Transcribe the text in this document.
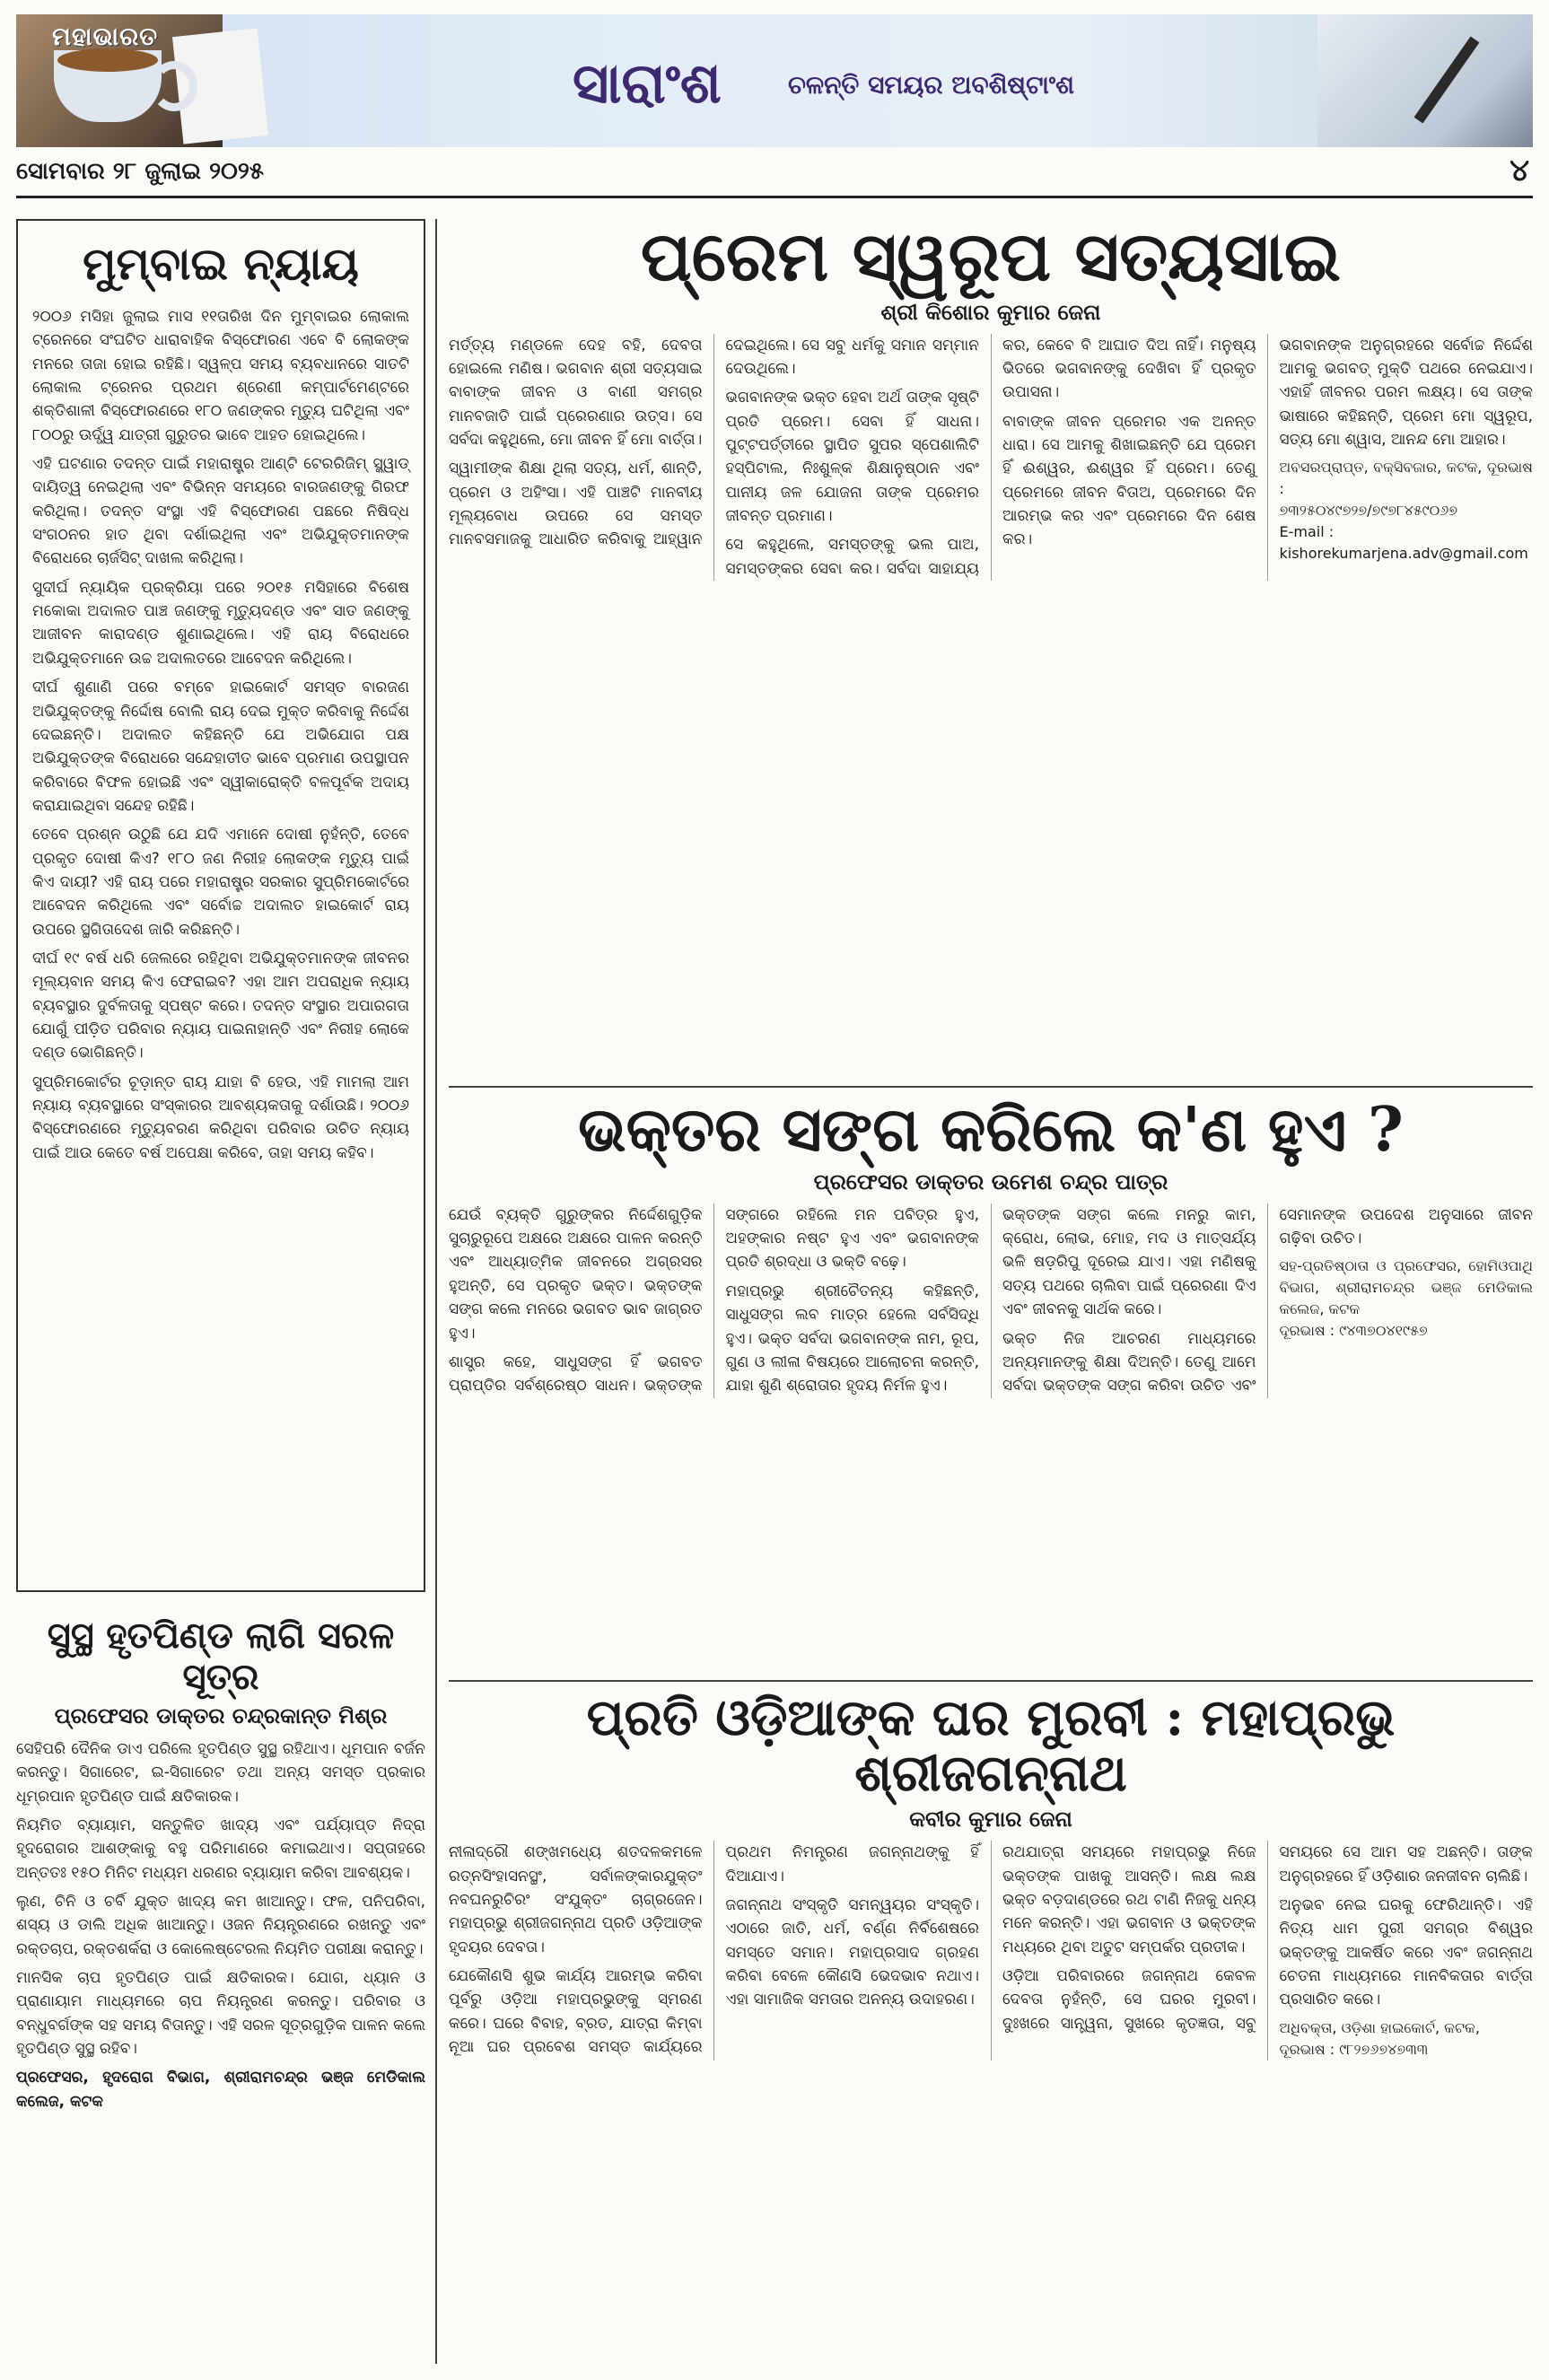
ମହାଭାରତ
ସାରାଂଶ	ଚଳନ୍ତି ସମୟର ଅବଶିଷ୍ଟାଂଶ
ସୋମବାର ୨୮ ଜୁଲାଇ ୨୦୨୫	୪
ମୁମ୍ବାଇ ନ୍ୟାୟ

୨୦୦୬ ମସିହା ଜୁଲାଇ ମାସ ୧୧ତାରିଖ ଦିନ ମୁମ୍ବାଇର ଲୋକାଲ ଟ୍ରେନରେ ସଂଘଟିତ ଧାରାବାହିକ ବିସ୍ଫୋରଣ ଏବେ ବି ଲୋକଙ୍କ ମନରେ ତାଜା ହୋଇ ରହିଛି। ସ୍ୱଳ୍ପ ସମୟ ବ୍ୟବଧାନରେ ସାତଟି ଲୋକାଲ ଟ୍ରେନର ପ୍ରଥମ ଶ୍ରେଣୀ କମ୍ପାର୍ଟମେଣ୍ଟରେ ଶକ୍ତିଶାଳୀ ବିସ୍ଫୋରଣରେ ୧୮୦ ଜଣଙ୍କର ମୃତ୍ୟୁ ଘଟିଥିଲା ଏବଂ ୮୦୦ରୁ ଊର୍ଦ୍ଧ୍ୱ ଯାତ୍ରୀ ଗୁରୁତର ଭାବେ ଆହତ ହୋଇଥିଲେ।

ଏହି ଘଟଣାର ତଦନ୍ତ ପାଇଁ ମହାରାଷ୍ଟ୍ର ଆଣ୍ଟି ଟେରରିଜିମ୍ ସ୍କ୍ୱାଡ୍ ଦାୟିତ୍ୱ ନେଇଥିଲା ଏବଂ ବିଭିନ୍ନ ସମୟରେ ବାରଜଣଙ୍କୁ ଗିରଫ କରିଥିଲା। ତଦନ୍ତ ସଂସ୍ଥା ଏହି ବିସ୍ଫୋରଣ ପଛରେ ନିଷିଦ୍ଧ ସଂଗଠନର ହାତ ଥିବା ଦର୍ଶାଇଥିଲା ଏବଂ ଅଭିଯୁକ୍ତମାନଙ୍କ ବିରୋଧରେ ଚାର୍ଜସିଟ୍ ଦାଖଲ କରିଥିଲା।

ସୁଦୀର୍ଘ ନ୍ୟାୟିକ ପ୍ରକ୍ରିୟା ପରେ ୨୦୧୫ ମସିହାରେ ବିଶେଷ ମକୋକା ଅଦାଲତ ପାଞ୍ଚ ଜଣଙ୍କୁ ମୃତ୍ୟୁଦଣ୍ଡ ଏବଂ ସାତ ଜଣଙ୍କୁ ଆଜୀବନ କାରାଦଣ୍ଡ ଶୁଣାଇଥିଲେ। ଏହି ରାୟ ବିରୋଧରେ ଅଭିଯୁକ୍ତମାନେ ଉଚ୍ଚ ଅଦାଲତରେ ଆବେଦନ କରିଥିଲେ।

ଦୀର୍ଘ ଶୁଣାଣି ପରେ ବମ୍ବେ ହାଇକୋର୍ଟ ସମସ୍ତ ବାରଜଣ ଅଭିଯୁକ୍ତଙ୍କୁ ନିର୍ଦ୍ଦୋଷ ବୋଲି ରାୟ ଦେଇ ମୁକ୍ତ କରିବାକୁ ନିର୍ଦ୍ଦେଶ ଦେଇଛନ୍ତି। ଅଦାଲତ କହିଛନ୍ତି ଯେ ଅଭିଯୋଗ ପକ୍ଷ ଅଭିଯୁକ୍ତଙ୍କ ବିରୋଧରେ ସନ୍ଦେହାତୀତ ଭାବେ ପ୍ରମାଣ ଉପସ୍ଥାପନ କରିବାରେ ବିଫଳ ହୋଇଛି ଏବଂ ସ୍ୱୀକାରୋକ୍ତି ବଳପୂର୍ବକ ଅଦାୟ କରାଯାଇଥିବା ସନ୍ଦେହ ରହିଛି।

ତେବେ ପ୍ରଶ୍ନ ଉଠୁଛି ଯେ ଯଦି ଏମାନେ ଦୋଷୀ ନୁହଁନ୍ତି, ତେବେ ପ୍ରକୃତ ଦୋଷୀ କିଏ? ୧୮୦ ଜଣ ନିରୀହ ଲୋକଙ୍କ ମୃତ୍ୟୁ ପାଇଁ କିଏ ଦାୟୀ? ଏହି ରାୟ ପରେ ମହାରାଷ୍ଟ୍ର ସରକାର ସୁପ୍ରିମକୋର୍ଟରେ ଆବେଦନ କରିଥିଲେ ଏବଂ ସର୍ବୋଚ୍ଚ ଅଦାଲତ ହାଇକୋର୍ଟ ରାୟ ଉପରେ ସ୍ଥଗିତାଦେଶ ଜାରି କରିଛନ୍ତି।

ଦୀର୍ଘ ୧୯ ବର୍ଷ ଧରି ଜେଲରେ ରହିଥିବା ଅଭିଯୁକ୍ତମାନଙ୍କ ଜୀବନର ମୂଲ୍ୟବାନ ସମୟ କିଏ ଫେରାଇବ? ଏହା ଆମ ଅପରାଧିକ ନ୍ୟାୟ ବ୍ୟବସ୍ଥାର ଦୁର୍ବଳତାକୁ ସ୍ପଷ୍ଟ କରେ। ତଦନ୍ତ ସଂସ୍ଥାର ଅପାରଗତା ଯୋଗୁଁ ପୀଡ଼ିତ ପରିବାର ନ୍ୟାୟ ପାଇନାହାନ୍ତି ଏବଂ ନିରୀହ ଲୋକେ ଦଣ୍ଡ ଭୋଗିଛନ୍ତି।

ସୁପ୍ରିମକୋର୍ଟର ଚୂଡ଼ାନ୍ତ ରାୟ ଯାହା ବି ହେଉ, ଏହି ମାମଲା ଆମ ନ୍ୟାୟ ବ୍ୟବସ୍ଥାରେ ସଂସ୍କାରର ଆବଶ୍ୟକତାକୁ ଦର୍ଶାଉଛି। ୨୦୦୬ ବିସ୍ଫୋରଣରେ ମୃତ୍ୟୁବରଣ କରିଥିବା ପରିବାର ଉଚିତ ନ୍ୟାୟ ପାଇଁ ଆଉ କେତେ ବର୍ଷ ଅପେକ୍ଷା କରିବେ, ତାହା ସମୟ କହିବ।

ସୁସ୍ଥ ହୃତପିଣ୍ଡ ଲାଗି ସରଳ ସୂତ୍ର
ପ୍ରଫେସର ଡାକ୍ତର ଚନ୍ଦ୍ରକାନ୍ତ ମିଶ୍ର

ସେହିପରି ଦୈନିକ ଡାଏ ପରିଲେ ହୃତପିଣ୍ଡ ସୁସ୍ଥ ରହିଥାଏ। ଧୂମପାନ ବର୍ଜନ କରନ୍ତୁ। ସିଗାରେଟ, ଇ-ସିଗାରେଟ ତଥା ଅନ୍ୟ ସମସ୍ତ ପ୍ରକାର ଧୂମ୍ରପାନ ହୃତପିଣ୍ଡ ପାଇଁ କ୍ଷତିକାରକ।

ନିୟମିତ ବ୍ୟାୟାମ, ସନ୍ତୁଳିତ ଖାଦ୍ୟ ଏବଂ ପର୍ଯ୍ୟାପ୍ତ ନିଦ୍ରା ହୃଦରୋଗର ଆଶଙ୍କାକୁ ବହୁ ପରିମାଣରେ କମାଇଥାଏ। ସପ୍ତାହରେ ଅନ୍ତତଃ ୧୫୦ ମିନିଟ ମଧ୍ୟମ ଧରଣର ବ୍ୟାୟାମ କରିବା ଆବଶ୍ୟକ।

ଲୁଣ, ଚିନି ଓ ଚର୍ବି ଯୁକ୍ତ ଖାଦ୍ୟ କମ ଖାଆନ୍ତୁ। ଫଳ, ପନିପରିବା, ଶସ୍ୟ ଓ ଡାଲି ଅଧିକ ଖାଆନ୍ତୁ। ଓଜନ ନିୟନ୍ତ୍ରଣରେ ରଖନ୍ତୁ ଏବଂ ରକ୍ତଚାପ, ରକ୍ତଶର୍କରା ଓ କୋଲେଷ୍ଟେରଲ ନିୟମିତ ପରୀକ୍ଷା କରାନ୍ତୁ।

ମାନସିକ ଚାପ ହୃତପିଣ୍ଡ ପାଇଁ କ୍ଷତିକାରକ। ଯୋଗ, ଧ୍ୟାନ ଓ ପ୍ରାଣାୟାମ ମାଧ୍ୟମରେ ଚାପ ନିୟନ୍ତ୍ରଣ କରନ୍ତୁ। ପରିବାର ଓ ବନ୍ଧୁବର୍ଗଙ୍କ ସହ ସମୟ ବିତାନ୍ତୁ। ଏହି ସରଳ ସୂତ୍ରଗୁଡ଼ିକ ପାଳନ କଲେ ହୃତପିଣ୍ଡ ସୁସ୍ଥ ରହିବ।

ପ୍ରଫେସର, ହୃଦରୋଗ ବିଭାଗ, ଶ୍ରୀରାମଚନ୍ଦ୍ର ଭଞ୍ଜ ମେଡିକାଲ କଲେଜ, କଟକ

ପ୍ରେମ ସ୍ୱରୂପ ସତ୍ୟସାଇ
ଶ୍ରୀ କିଶୋର କୁମାର ଜେନା

ମର୍ତ୍ତ୍ୟ ମଣ୍ଡଳେ ଦେହ ବହି, ଦେବତା ହୋଇଲେ ମଣିଷ। ଭଗବାନ ଶ୍ରୀ ସତ୍ୟସାଇ ବାବାଙ୍କ ଜୀବନ ଓ ବାଣୀ ସମଗ୍ର ମାନବଜାତି ପାଇଁ ପ୍ରେରଣାର ଉତ୍ସ। ସେ ସର୍ବଦା କହୁଥିଲେ, ମୋ ଜୀବନ ହିଁ ମୋ ବାର୍ତ୍ତା।

ସ୍ୱାମୀଙ୍କ ଶିକ୍ଷା ଥିଲା ସତ୍ୟ, ଧର୍ମ, ଶାନ୍ତି, ପ୍ରେମ ଓ ଅହିଂସା। ଏହି ପାଞ୍ଚଟି ମାନବୀୟ ମୂଲ୍ୟବୋଧ ଉପରେ ସେ ସମସ୍ତ ମାନବସମାଜକୁ ଆଧାରିତ କରିବାକୁ ଆହ୍ୱାନ ଦେଇଥିଲେ। ସେ ସବୁ ଧର୍ମକୁ ସମାନ ସମ୍ମାନ ଦେଉଥିଲେ।

ଭଗବାନଙ୍କ ଭକ୍ତ ହେବା ଅର୍ଥ ତାଙ୍କ ସୃଷ୍ଟି ପ୍ରତି ପ୍ରେମ। ସେବା ହିଁ ସାଧନା। ପୁଟ୍ଟପର୍ତ୍ତୀରେ ସ୍ଥାପିତ ସୁପର ସ୍ପେଶାଲିଟି ହସ୍ପିଟାଲ, ନିଃଶୁଳ୍କ ଶିକ୍ଷାନୁଷ୍ଠାନ ଏବଂ ପାନୀୟ ଜଳ ଯୋଜନା ତାଙ୍କ ପ୍ରେମର ଜୀବନ୍ତ ପ୍ରମାଣ।

ସେ କହୁଥିଲେ, ସମସ୍ତଙ୍କୁ ଭଲ ପାଅ, ସମସ୍ତଙ୍କର ସେବା କର। ସର୍ବଦା ସାହାଯ୍ୟ କର, କେବେ ବି ଆଘାତ ଦିଅ ନାହିଁ। ମନୁଷ୍ୟ ଭିତରେ ଭଗବାନଙ୍କୁ ଦେଖିବା ହିଁ ପ୍ରକୃତ ଉପାସନା।

ବାବାଙ୍କ ଜୀବନ ପ୍ରେମର ଏକ ଅନନ୍ତ ଧାରା। ସେ ଆମକୁ ଶିଖାଇଛନ୍ତି ଯେ ପ୍ରେମ ହିଁ ଈଶ୍ୱର, ଈଶ୍ୱର ହିଁ ପ୍ରେମ। ତେଣୁ ପ୍ରେମରେ ଜୀବନ ବିତାଅ, ପ୍ରେମରେ ଦିନ ଆରମ୍ଭ କର ଏବଂ ପ୍ରେମରେ ଦିନ ଶେଷ କର।

ଭଗବାନଙ୍କ ଅନୁଗ୍ରହରେ ସର୍ବୋଚ୍ଚ ନିର୍ଦ୍ଦେଶ ଆମକୁ ଭଗବତ୍ ମୁକ୍ତି ପଥରେ ନେଇଯାଏ। ଏହାହିଁ ଜୀବନର ପରମ ଲକ୍ଷ୍ୟ। ସେ ତାଙ୍କ ଭାଷାରେ କହିଛନ୍ତି, ପ୍ରେମ ମୋ ସ୍ୱରୂପ, ସତ୍ୟ ମୋ ଶ୍ୱାସ, ଆନନ୍ଦ ମୋ ଆହାର।

ଅବସରପ୍ରାପ୍ତ, ବକ୍ସିବଜାର, କଟକ, ଦୂରଭାଷ :
୭୩୨୫୦୪୯୭୨୭/୭୯୭୮୪୫୯୦୬୭
E-mail :
kishorekumarjena.adv@gmail.com
ଭକ୍ତର ସଙ୍ଗ କରିଲେ କ'ଣ ହୁଏ ?
ପ୍ରଫେସର ଡାକ୍ତର ଉମେଶ ଚନ୍ଦ୍ର ପାତ୍ର

ଯେଉଁ ବ୍ୟକ୍ତି ଗୁରୁଙ୍କର ନିର୍ଦ୍ଦେଶଗୁଡ଼ିକ ସୁଚାରୁରୂପେ ଅକ୍ଷରେ ଅକ୍ଷରେ ପାଳନ କରନ୍ତି ଏବଂ ଆଧ୍ୟାତ୍ମିକ ଜୀବନରେ ଅଗ୍ରସର ହୁଅନ୍ତି, ସେ ପ୍ରକୃତ ଭକ୍ତ। ଭକ୍ତଙ୍କ ସଙ୍ଗ କଲେ ମନରେ ଭଗବତ ଭାବ ଜାଗ୍ରତ ହୁଏ।

ଶାସ୍ତ୍ର କହେ, ସାଧୁସଙ୍ଗ ହିଁ ଭଗବତ ପ୍ରାପ୍ତିର ସର୍ବଶ୍ରେଷ୍ଠ ସାଧନ। ଭକ୍ତଙ୍କ ସଙ୍ଗରେ ରହିଲେ ମନ ପବିତ୍ର ହୁଏ, ଅହଙ୍କାର ନଷ୍ଟ ହୁଏ ଏବଂ ଭଗବାନଙ୍କ ପ୍ରତି ଶ୍ରଦ୍ଧା ଓ ଭକ୍ତି ବଢ଼େ।

ମହାପ୍ରଭୁ ଶ୍ରୀଚୈତନ୍ୟ କହିଛନ୍ତି, ସାଧୁସଙ୍ଗ ଲବ ମାତ୍ର ହେଲେ ସର୍ବସିଦ୍ଧି ହୁଏ। ଭକ୍ତ ସର୍ବଦା ଭଗବାନଙ୍କ ନାମ, ରୂପ, ଗୁଣ ଓ ଲୀଳା ବିଷୟରେ ଆଲୋଚନା କରନ୍ତି, ଯାହା ଶୁଣି ଶ୍ରୋତାର ହୃଦୟ ନିର୍ମଳ ହୁଏ।

ଭକ୍ତଙ୍କ ସଙ୍ଗ କଲେ ମନରୁ କାମ, କ୍ରୋଧ, ଲୋଭ, ମୋହ, ମଦ ଓ ମାତ୍ସର୍ଯ୍ୟ ଭଳି ଷଡ଼ରିପୁ ଦୂରେଇ ଯାଏ। ଏହା ମଣିଷକୁ ସତ୍ୟ ପଥରେ ଚାଲିବା ପାଇଁ ପ୍ରେରଣା ଦିଏ ଏବଂ ଜୀବନକୁ ସାର୍ଥକ କରେ।

ଭକ୍ତ ନିଜ ଆଚରଣ ମାଧ୍ୟମରେ ଅନ୍ୟମାନଙ୍କୁ ଶିକ୍ଷା ଦିଅନ୍ତି। ତେଣୁ ଆମେ ସର୍ବଦା ଭକ୍ତଙ୍କ ସଙ୍ଗ କରିବା ଉଚିତ ଏବଂ ସେମାନଙ୍କ ଉପଦେଶ ଅନୁସାରେ ଜୀବନ ଗଢ଼ିବା ଉଚିତ।

ସହ-ପ୍ରତିଷ୍ଠାତା ଓ ପ୍ରଫେସର, ହୋମିଓପାଥି ବିଭାଗ, ଶ୍ରୀରାମଚନ୍ଦ୍ର ଭଞ୍ଜ ମେଡିକାଲ କଲେଜ, କଟକ
ଦୂରଭାଷ : ୯୪୩୭୦୪୧୯୫୭
ପ୍ରତି ଓଡ଼ିଆଙ୍କ ଘର ମୁରବୀ : ମହାପ୍ରଭୁ ଶ୍ରୀଜଗନ୍ନାଥ
କବୀର କୁମାର ଜେନା

ନୀଳାଦ୍ରୌ ଶଙ୍ଖମଧ୍ୟେ ଶତଦଳକମଳେ ରତ୍ନସିଂହାସନସ୍ଥଂ, ସର୍ବାଳଙ୍କାରଯୁକ୍ତଂ ନବଘନରୁଚିରଂ ସଂଯୁକ୍ତଂ ଚାଗ୍ରଜେନ। ମହାପ୍ରଭୁ ଶ୍ରୀଜଗନ୍ନାଥ ପ୍ରତି ଓଡ଼ିଆଙ୍କ ହୃଦୟର ଦେବତା।

ଯେକୌଣସି ଶୁଭ କାର୍ଯ୍ୟ ଆରମ୍ଭ କରିବା ପୂର୍ବରୁ ଓଡ଼ିଆ ମହାପ୍ରଭୁଙ୍କୁ ସ୍ମରଣ କରେ। ଘରେ ବିବାହ, ବ୍ରତ, ଯାତ୍ରା କିମ୍ବା ନୂଆ ଘର ପ୍ରବେଶ ସମସ୍ତ କାର୍ଯ୍ୟରେ ପ୍ରଥମ ନିମନ୍ତ୍ରଣ ଜଗନ୍ନାଥଙ୍କୁ ହିଁ ଦିଆଯାଏ।

ଜଗନ୍ନାଥ ସଂସ୍କୃତି ସମନ୍ୱୟର ସଂସ୍କୃତି। ଏଠାରେ ଜାତି, ଧର୍ମ, ବର୍ଣ୍ଣ ନିର୍ବିଶେଷରେ ସମସ୍ତେ ସମାନ। ମହାପ୍ରସାଦ ଗ୍ରହଣ କରିବା ବେଳେ କୌଣସି ଭେଦଭାବ ନଥାଏ। ଏହା ସାମାଜିକ ସମତାର ଅନନ୍ୟ ଉଦାହରଣ।

ରଥଯାତ୍ରା ସମୟରେ ମହାପ୍ରଭୁ ନିଜେ ଭକ୍ତଙ୍କ ପାଖକୁ ଆସନ୍ତି। ଲକ୍ଷ ଲକ୍ଷ ଭକ୍ତ ବଡ଼ଦାଣ୍ଡରେ ରଥ ଟାଣି ନିଜକୁ ଧନ୍ୟ ମନେ କରନ୍ତି। ଏହା ଭଗବାନ ଓ ଭକ୍ତଙ୍କ ମଧ୍ୟରେ ଥିବା ଅତୁଟ ସମ୍ପର୍କର ପ୍ରତୀକ।

ଓଡ଼ିଆ ପରିବାରରେ ଜଗନ୍ନାଥ କେବଳ ଦେବତା ନୁହଁନ୍ତି, ସେ ଘରର ମୁରବୀ। ଦୁଃଖରେ ସାନ୍ତ୍ୱନା, ସୁଖରେ କୃତଜ୍ଞତା, ସବୁ ସମୟରେ ସେ ଆମ ସହ ଅଛନ୍ତି। ତାଙ୍କ ଅନୁଗ୍ରହରେ ହିଁ ଓଡ଼ିଶାର ଜନଜୀବନ ଚାଲିଛି।

ଅନୁଭବ ନେଇ ଘରକୁ ଫେରିଥାନ୍ତି। ଏହି ନିତ୍ୟ ଧାମ ପୁରୀ ସମଗ୍ର ବିଶ୍ୱର ଭକ୍ତଙ୍କୁ ଆକର୍ଷିତ କରେ ଏବଂ ଜଗନ୍ନାଥ ଚେତନା ମାଧ୍ୟମରେ ମାନବିକତାର ବାର୍ତ୍ତା ପ୍ରସାରିତ କରେ।

ଅଧିବକ୍ତା, ଓଡ଼ିଶା ହାଇକୋର୍ଟ, କଟକ,
ଦୂରଭାଷ : ୯୮୨୭୬୭୪୭୩୩
